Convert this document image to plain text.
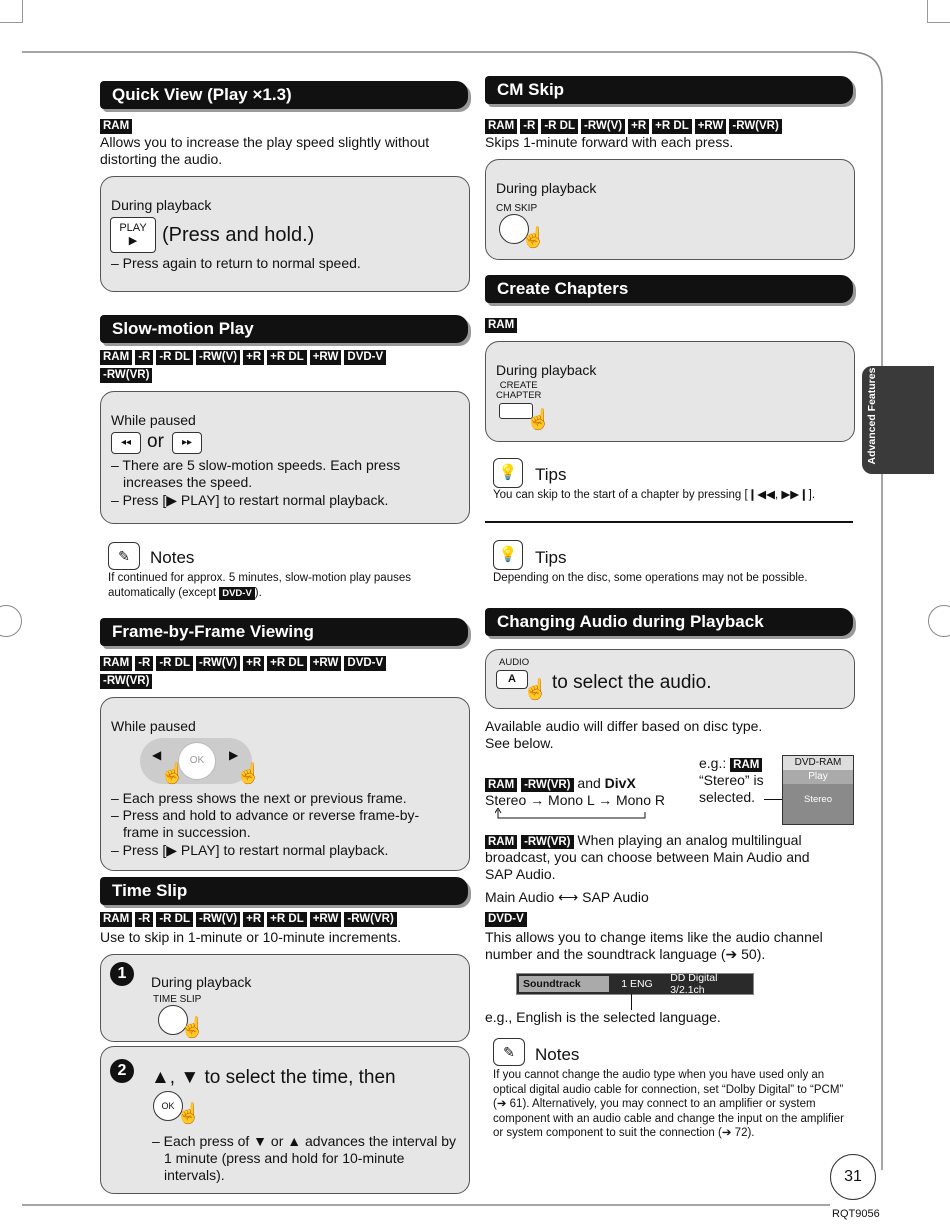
Advanced Features
Quick View (Play ×1.3)
RAM
Allows you to increase the play speed slightly without distorting the audio.
During playback
PLAY
▶	(Press and hold.)
– Press again to return to normal speed.
Slow-motion Play
RAM -R -R DL -RW(V) +R +R DL +RW DVD-V
-RW(VR)
While paused
◂◂ or	▸▸
– There are 5 slow-motion speeds. Each press increases the speed.
– Press [▶ PLAY] to restart normal playback.
✎	Notes
If continued for approx. 5 minutes, slow-motion play pauses automatically (except DVD-V ).
Frame-by-Frame Viewing
RAM -R -R DL -RW(V) +R +R DL +RW DVD-V
-RW(VR)
While paused
OK
◀	▶
☝	☝
– Each press shows the next or previous frame.
– Press and hold to advance or reverse frame-by-frame in succession.
– Press [▶ PLAY] to restart normal playback.
Time Slip
RAM -R -R DL -RW(V) +R +R DL +RW -RW(VR)
Use to skip in 1-minute or 10-minute increments.
1	During playback
TIME SLIP
☝
2	▲, ▼ to select the time, then
OK ☝
– Each press of ▼ or ▲ advances the interval by 1 minute (press and hold for 10-minute intervals).
CM Skip
RAM -R -R DL -RW(V) +R +R DL +RW -RW(VR)
Skips 1-minute forward with each press.
During playback
CM SKIP
☝
Create Chapters
RAM
During playback
CREATE
CHAPTER
☝
💡	Tips
You can skip to the start of a chapter by pressing [❙◀◀, ▶▶❙].
💡	Tips
Depending on the disc, some operations may not be possible.
Changing Audio during Playback
AUDIO
A ☝ to select the audio.
Available audio will differ based on disc type.
See below.
e.g.: RAM
“Stereo” is
selected.
DVD-RAM
Play
Stereo
RAM -RW(VR) and DivX
Stereo → Mono L → Mono R
RAM -RW(VR) When playing an analog multilingual broadcast, you can choose between Main Audio and SAP Audio.
Main Audio ⟷ SAP Audio
DVD-V
This allows you to change items like the audio channel number and the soundtrack language (➔ 50).
Soundtrack	1 ENG	DD Digital 3/2.1ch
e.g., English is the selected language.
✎	Notes
If you cannot change the audio type when you have used only an optical digital audio cable for connection, set “Dolby Digital” to “PCM” (➔ 61). Alternatively, you may connect to an amplifier or system component with an audio cable and change the input on the amplifier or system component to suit the connection (➔ 72).
31
RQT9056
